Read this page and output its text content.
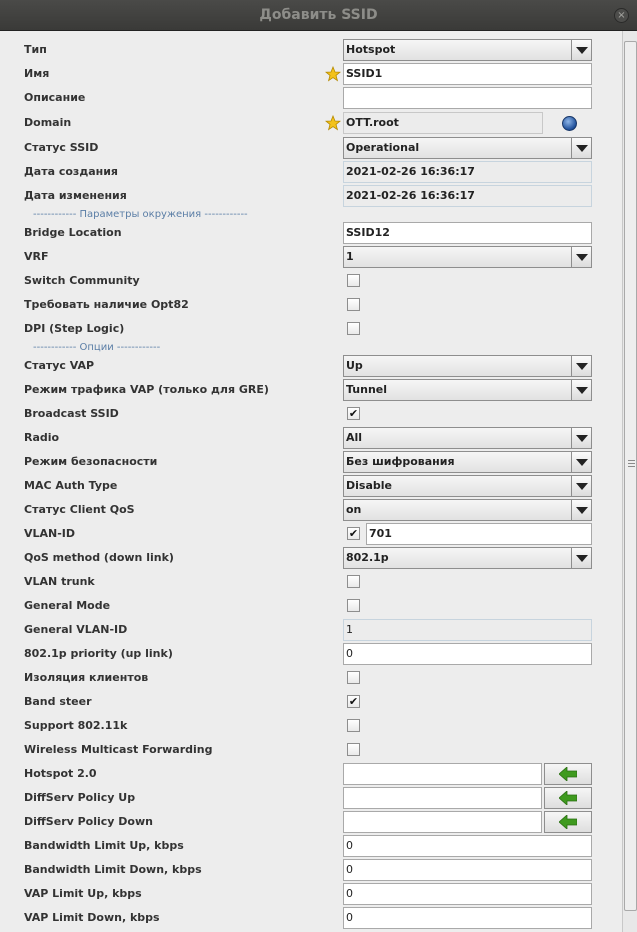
Добавить SSID	×
Тип	Hotspot
Имя	SSID1
Описание
Domain	OTT.root
Статус SSID	Operational
Дата создания	2021-02-26 16:36:17
Дата изменения	2021-02-26 16:36:17
------------ Параметры окружения ------------
Bridge Location	SSID12
VRF	1
Switch Community
Требовать наличие Opt82
DPI (Step Logic)
------------ Опции ------------
Статус VAP	Up
Режим трафика VAP (только для GRE)	Tunnel
Broadcast SSID	✔
Radio	All
Режим безопасности	Без шифрования
MAC Auth Type	Disable
Статус Client QoS	on
VLAN-ID	✔ 701
QoS method (down link)	802.1p
VLAN trunk
General Mode
General VLAN-ID	1
802.1p priority (up link)	0
Изоляция клиентов
Band steer	✔
Support 802.11k
Wireless Multicast Forwarding
Hotspot 2.0
DiffServ Policy Up
DiffServ Policy Down
Bandwidth Limit Up, kbps	0
Bandwidth Limit Down, kbps	0
VAP Limit Up, kbps	0
VAP Limit Down, kbps	0
